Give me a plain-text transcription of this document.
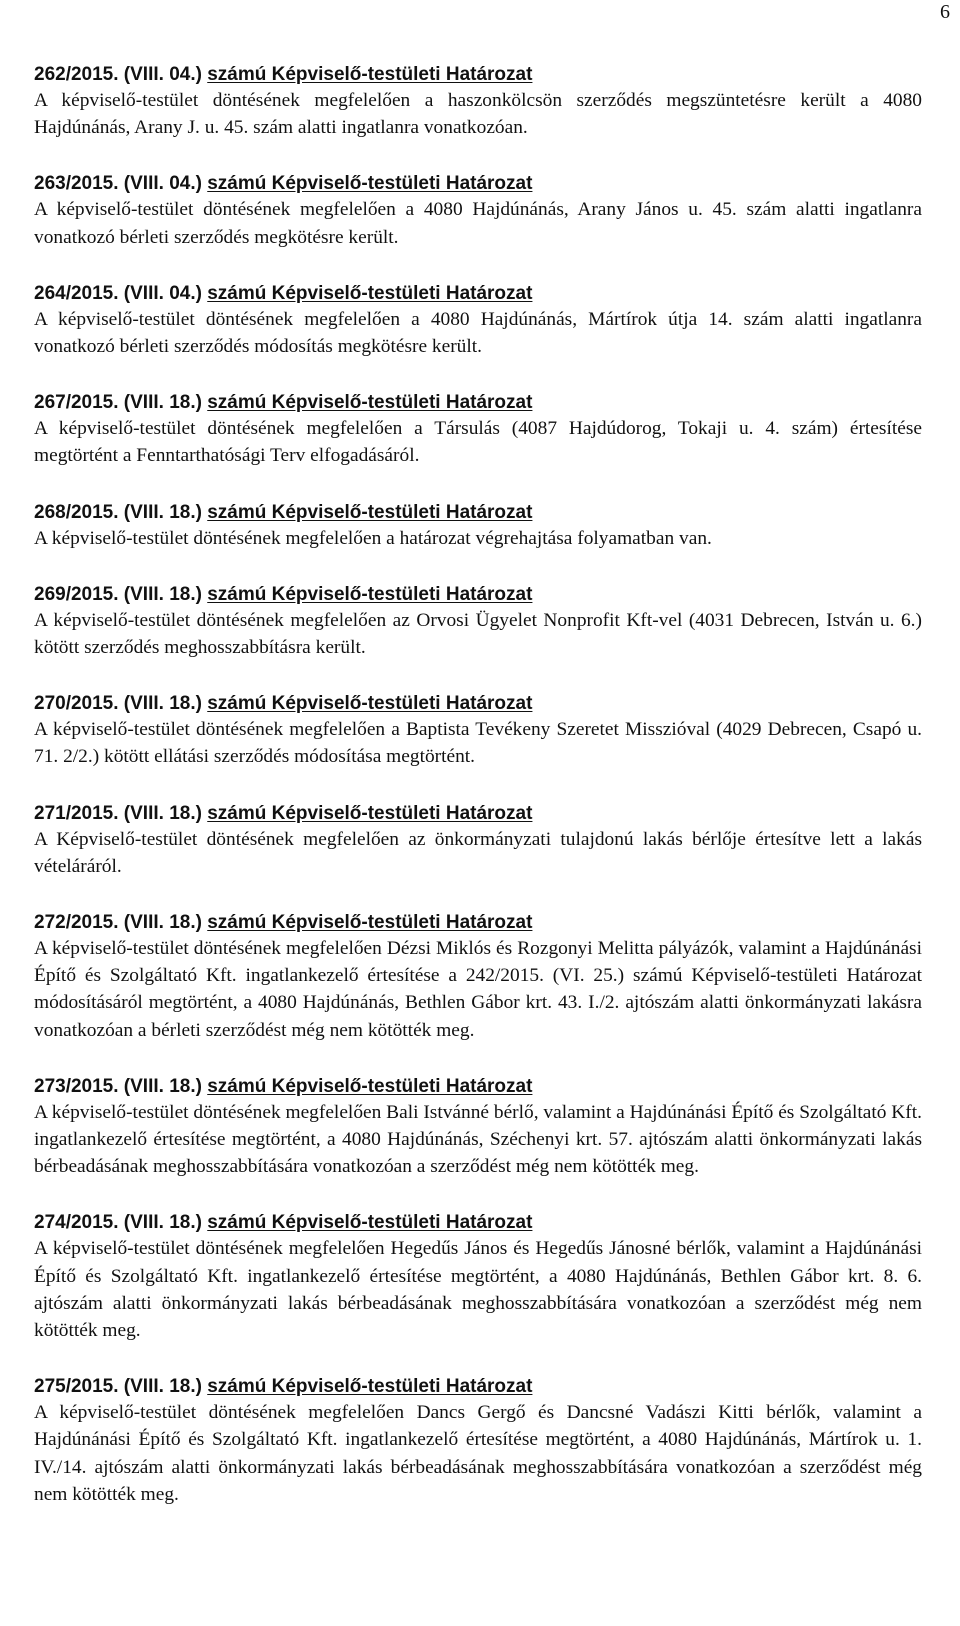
6
262/2015. (VIII. 04.) számú Képviselő-testületi Határozat

A képviselő-testület döntésének megfelelően a haszonkölcsön szerződés megszüntetésre került a 4080 Hajdúnánás, Arany J. u. 45. szám alatti ingatlanra vonatkozóan.

263/2015. (VIII. 04.) számú Képviselő-testületi Határozat

A képviselő-testület döntésének megfelelően a 4080 Hajdúnánás, Arany János u. 45. szám alatti ingatlanra vonatkozó bérleti szerződés megkötésre került.

264/2015. (VIII. 04.) számú Képviselő-testületi Határozat

A képviselő-testület döntésének megfelelően a 4080 Hajdúnánás, Mártírok útja 14. szám alatti ingatlanra vonatkozó bérleti szerződés módosítás megkötésre került.

267/2015. (VIII. 18.) számú Képviselő-testületi Határozat

A képviselő-testület döntésének megfelelően a Társulás (4087 Hajdúdorog, Tokaji u. 4. szám) értesítése megtörtént a Fenntarthatósági Terv elfogadásáról.

268/2015. (VIII. 18.) számú Képviselő-testületi Határozat

A képviselő-testület döntésének megfelelően a határozat végrehajtása folyamatban van.

269/2015. (VIII. 18.) számú Képviselő-testületi Határozat

A képviselő-testület döntésének megfelelően az Orvosi Ügyelet Nonprofit Kft-vel (4031 Debrecen, István u. 6.) kötött szerződés meghosszabbításra került.

270/2015. (VIII. 18.) számú Képviselő-testületi Határozat

A képviselő-testület döntésének megfelelően a Baptista Tevékeny Szeretet Misszióval (4029 Debrecen, Csapó u. 71. 2/2.) kötött ellátási szerződés módosítása megtörtént.

271/2015. (VIII. 18.) számú Képviselő-testületi Határozat

A Képviselő-testület döntésének megfelelően az önkormányzati tulajdonú lakás bérlője értesítve lett a lakás vételáráról.

272/2015. (VIII. 18.) számú Képviselő-testületi Határozat

A képviselő-testület döntésének megfelelően Dézsi Miklós és Rozgonyi Melitta pályázók, valamint a Hajdúnánási Építő és Szolgáltató Kft. ingatlankezelő értesítése a 242/2015. (VI. 25.) számú Képviselő-testületi Határozat módosításáról megtörtént, a 4080 Hajdúnánás, Bethlen Gábor krt. 43. I./2. ajtószám alatti önkormányzati lakásra vonatkozóan a bérleti szerződést még nem kötötték meg.

273/2015. (VIII. 18.) számú Képviselő-testületi Határozat

A képviselő-testület döntésének megfelelően Bali Istvánné bérlő, valamint a Hajdúnánási Építő és Szolgáltató Kft. ingatlankezelő értesítése megtörtént, a 4080 Hajdúnánás, Széchenyi krt. 57. ajtószám alatti önkormányzati lakás bérbeadásának meghosszabbítására vonatkozóan a szerződést még nem kötötték meg.

274/2015. (VIII. 18.) számú Képviselő-testületi Határozat

A képviselő-testület döntésének megfelelően Hegedűs János és Hegedűs Jánosné bérlők, valamint a Hajdúnánási Építő és Szolgáltató Kft. ingatlankezelő értesítése megtörtént, a 4080 Hajdúnánás, Bethlen Gábor krt. 8. 6. ajtószám alatti önkormányzati lakás bérbeadásának meghosszabbítására vonatkozóan a szerződést még nem kötötték meg.

275/2015. (VIII. 18.) számú Képviselő-testületi Határozat

A képviselő-testület döntésének megfelelően Dancs Gergő és Dancsné Vadászi Kitti bérlők, valamint a Hajdúnánási Építő és Szolgáltató Kft. ingatlankezelő értesítése megtörtént, a 4080 Hajdúnánás, Mártírok u. 1. IV./14. ajtószám alatti önkormányzati lakás bérbeadásának meghosszabbítására vonatkozóan a szerződést még nem kötötték meg.
